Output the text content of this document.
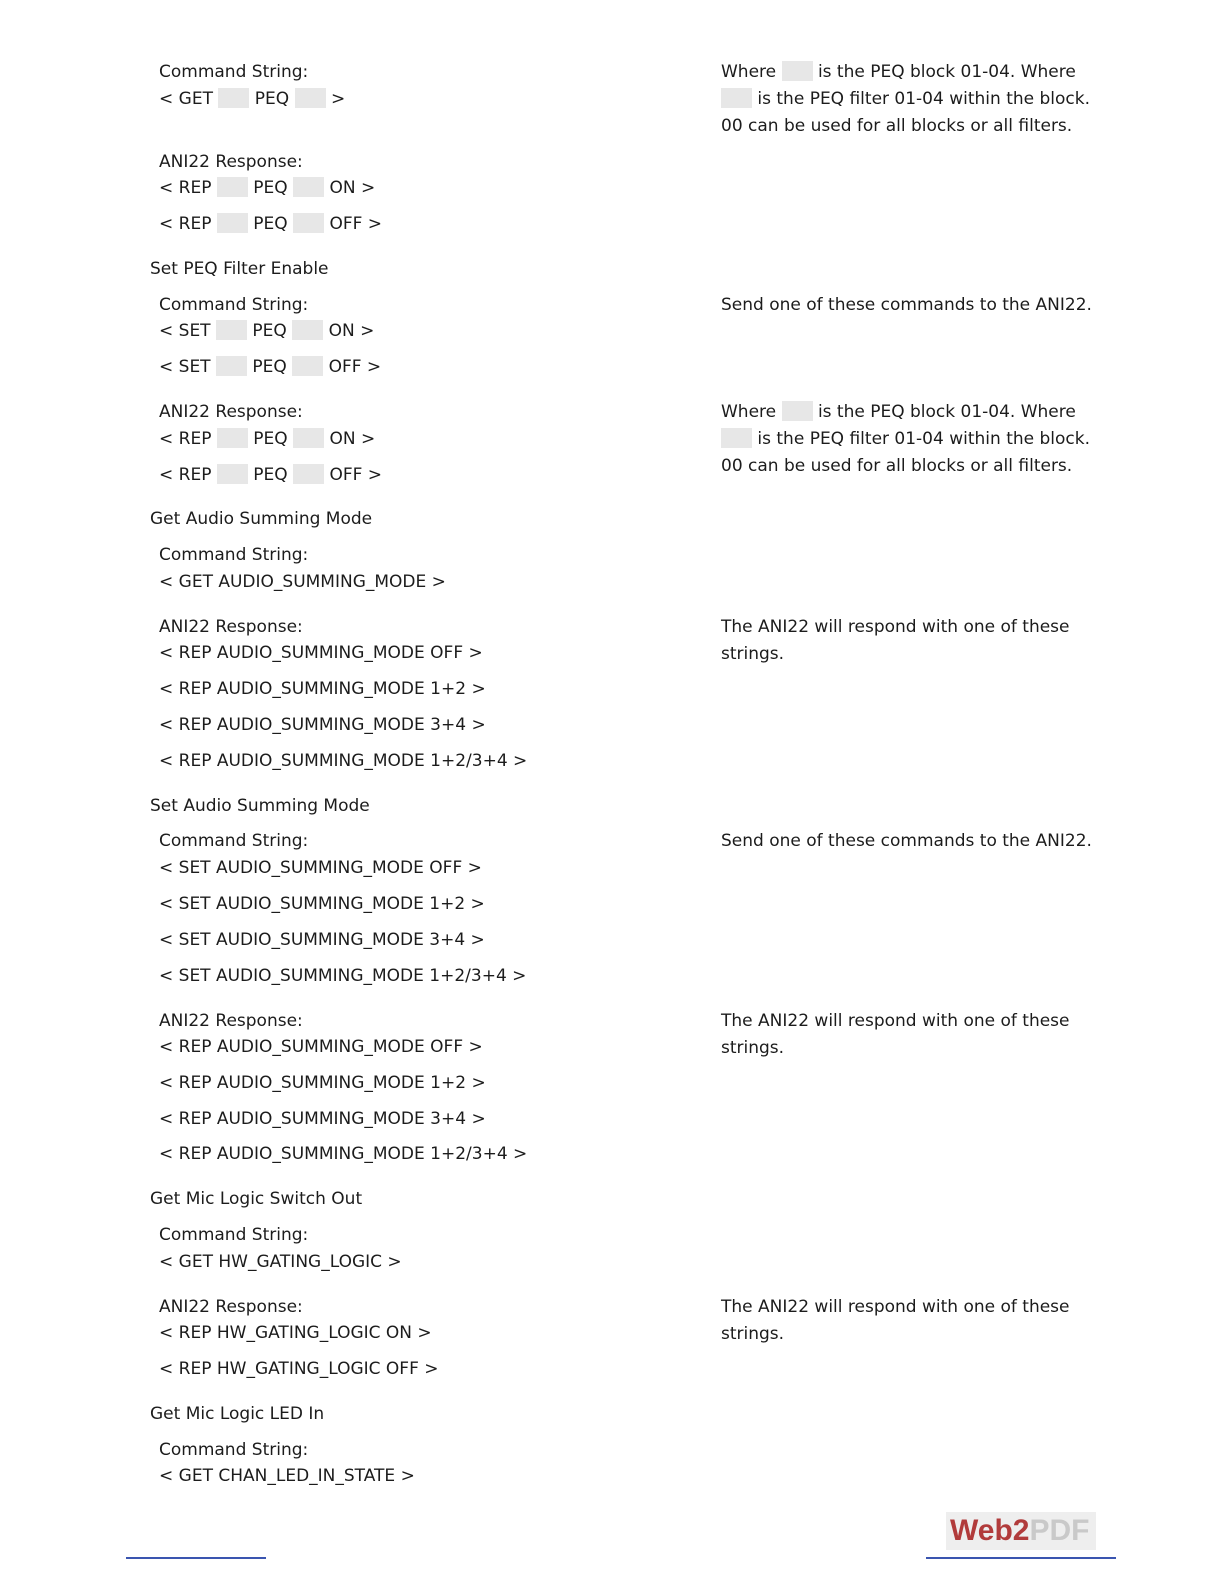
Command String:
< GET PEQ >
ANI22 Response:
< REP PEQ ON >
< REP PEQ OFF >
Where is the PEQ block 01-04. Where
is the PEQ filter 01-04 within the block.
00 can be used for all blocks or all filters.
Set PEQ Filter Enable
Command String:
< SET PEQ ON >
< SET PEQ OFF >
Send one of these commands to the ANI22.
ANI22 Response:
< REP PEQ ON >
< REP PEQ OFF >
Where is the PEQ block 01-04. Where
is the PEQ filter 01-04 within the block.
00 can be used for all blocks or all filters.
Get Audio Summing Mode
Command String:
< GET AUDIO_SUMMING_MODE >
ANI22 Response:
< REP AUDIO_SUMMING_MODE OFF >
< REP AUDIO_SUMMING_MODE 1+2 >
< REP AUDIO_SUMMING_MODE 3+4 >
< REP AUDIO_SUMMING_MODE 1+2/3+4 >
The ANI22 will respond with one of these
strings.
Set Audio Summing Mode
Command String:
< SET AUDIO_SUMMING_MODE OFF >
< SET AUDIO_SUMMING_MODE 1+2 >
< SET AUDIO_SUMMING_MODE 3+4 >
< SET AUDIO_SUMMING_MODE 1+2/3+4 >
Send one of these commands to the ANI22.
ANI22 Response:
< REP AUDIO_SUMMING_MODE OFF >
< REP AUDIO_SUMMING_MODE 1+2 >
< REP AUDIO_SUMMING_MODE 3+4 >
< REP AUDIO_SUMMING_MODE 1+2/3+4 >
The ANI22 will respond with one of these
strings.
Get Mic Logic Switch Out
Command String:
< GET HW_GATING_LOGIC >
ANI22 Response:
< REP HW_GATING_LOGIC ON >
< REP HW_GATING_LOGIC OFF >
The ANI22 will respond with one of these
strings.
Get Mic Logic LED In
Command String:
< GET CHAN_LED_IN_STATE >
Web2PDF
